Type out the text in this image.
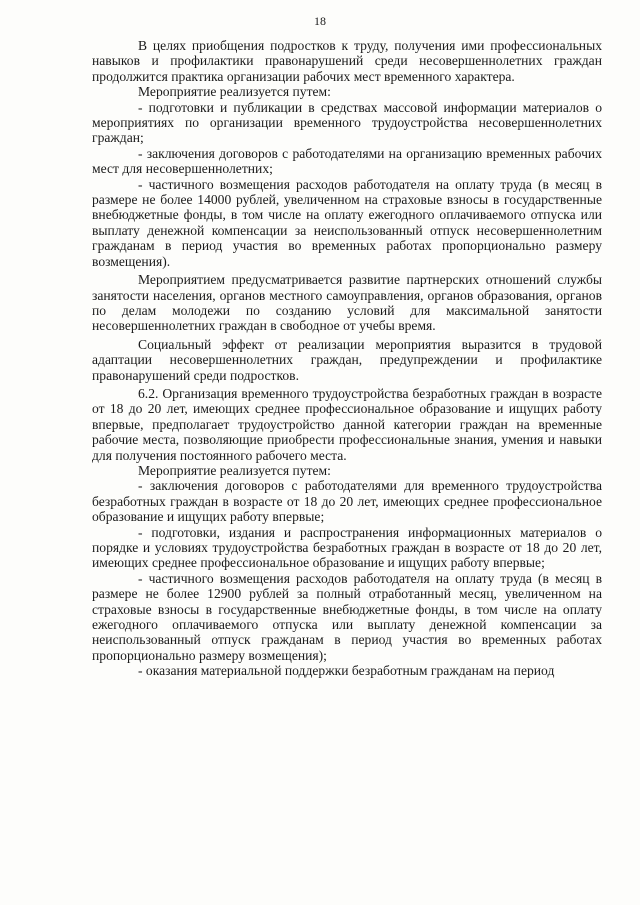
18

В целях приобщения подростков к труду, получения ими профессиональных навыков и профилактики правонарушений среди несовершеннолетних граждан продолжится практика организации рабочих мест временного характера.

Мероприятие реализуется путем:

- подготовки и публикации в средствах массовой информации материалов о мероприятиях по организации временного трудоустройства несовершеннолетних граждан;

- заключения договоров с работодателями на организацию временных рабочих мест для несовершеннолетних;

- частичного возмещения расходов работодателя на оплату труда (в месяц в размере не более 14000 рублей, увеличенном на страховые взносы в государственные внебюджетные фонды, в том числе на оплату ежегодного оплачиваемого отпуска или выплату денежной компенсации за неиспользованный отпуск несовершеннолетним гражданам в период участия во временных работах пропорционально размеру возмещения).

Мероприятием предусматривается развитие партнерских отношений службы занятости населения, органов местного самоуправления, органов образования, органов по делам молодежи по созданию условий для максимальной занятости несовершеннолетних граждан в свободное от учебы время.

Социальный эффект от реализации мероприятия выразится в трудовой адаптации несовершеннолетних граждан, предупреждении и профилактике правонарушений среди подростков.

6.2. Организация временного трудоустройства безработных граждан в возрасте от 18 до 20 лет, имеющих среднее профессиональное образование и ищущих работу впервые, предполагает трудоустройство данной категории граждан на временные рабочие места, позволяющие приобрести профессиональные знания, умения и навыки для получения постоянного рабочего места.

Мероприятие реализуется путем:

- заключения договоров с работодателями для временного трудоустройства безработных граждан в возрасте от 18 до 20 лет, имеющих среднее профессиональное образование и ищущих работу впервые;

- подготовки, издания и распространения информационных материалов о порядке и условиях трудоустройства безработных граждан в возрасте от 18 до 20 лет, имеющих среднее профессиональное образование и ищущих работу впервые;

- частичного возмещения расходов работодателя на оплату труда (в месяц в размере не более 12900 рублей за полный отработанный месяц, увеличенном на страховые взносы в государственные внебюджетные фонды, в том числе на оплату ежегодного оплачиваемого отпуска или выплату денежной компенсации за неиспользованный отпуск гражданам в период участия во временных работах пропорционально размеру возмещения);

- оказания материальной поддержки безработным гражданам на период
